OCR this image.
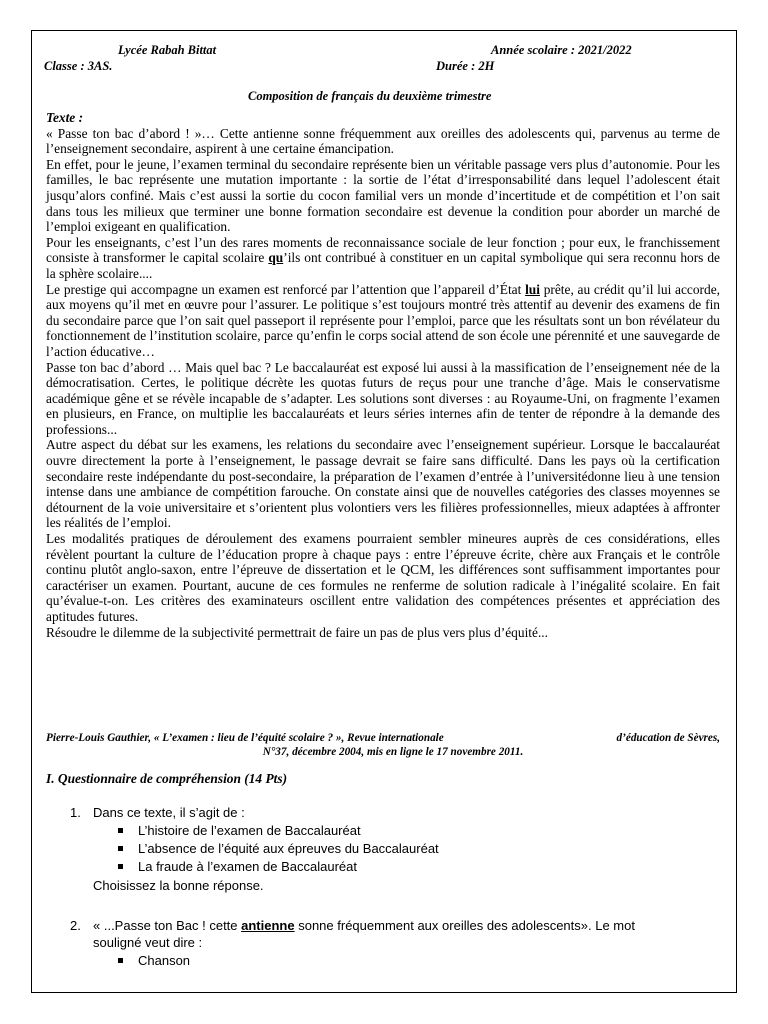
Lycée Rabah Bittat	Année scolaire : 2021/2022
Classe : 3AS.	Durée : 2H
Composition de français du deuxième trimestre

Texte :

« Passe ton bac d’abord ! »… Cette antienne sonne fréquemment aux oreilles des adolescents qui, parvenus au terme de l’enseignement secondaire, aspirent à une certaine émancipation.

En effet, pour le jeune, l’examen terminal du secondaire représente bien un véritable passage vers plus d’autonomie. Pour les familles, le bac représente une mutation importante : la sortie de l’état d’irresponsabilité dans lequel l’adolescent était jusqu’alors confiné. Mais c’est aussi la sortie du cocon familial vers un monde d’incertitude et de compétition et l’on sait dans tous les milieux que terminer une bonne formation secondaire est devenue la condition pour aborder un marché de l’emploi exigeant en qualification.

Pour les enseignants, c’est l’un des rares moments de reconnaissance sociale de leur fonction ; pour eux, le franchissement consiste à transformer le capital scolaire qu’ils ont contribué à constituer en un capital symbolique qui sera reconnu hors de la sphère scolaire....

Le prestige qui accompagne un examen est renforcé par l’attention que l’appareil d’État lui prête, au crédit qu’il lui accorde, aux moyens qu’il met en œuvre pour l’assurer. Le politique s’est toujours montré très attentif au devenir des examens de fin du secondaire parce que l’on sait quel passeport il représente pour l’emploi, parce que les résultats sont un bon révélateur du fonctionnement de l’institution scolaire, parce qu’enfin le corps social attend de son école une pérennité et une sauvegarde de l’action éducative…

Passe ton bac d’abord … Mais quel bac ? Le baccalauréat est exposé lui aussi à la massification de l’enseignement née de la démocratisation. Certes, le politique décrète les quotas futurs de reçus pour une tranche d’âge. Mais le conservatisme académique gêne et se révèle incapable de s’adapter. Les solutions sont diverses : au Royaume-Uni, on fragmente l’examen en plusieurs, en France, on multiplie les baccalauréats et leurs séries internes afin de tenter de répondre à la demande des professions...

Autre aspect du débat sur les examens, les relations du secondaire avec l’enseignement supérieur. Lorsque le baccalauréat ouvre directement la porte à l’enseignement, le passage devrait se faire sans difficulté. Dans les pays où la certification secondaire reste indépendante du post-secondaire, la préparation de l’examen d’entrée à l’universitédonne lieu à une tension intense dans une ambiance de compétition farouche. On constate ainsi que de nouvelles catégories des classes moyennes se détournent de la voie universitaire et s’orientent plus volontiers vers les filières professionnelles, mieux adaptées à affronter les réalités de l’emploi.

Les modalités pratiques de déroulement des examens pourraient sembler mineures auprès de ces considérations, elles révèlent pourtant la culture de l’éducation propre à chaque pays : entre l’épreuve écrite, chère aux Français et le contrôle continu plutôt anglo-saxon, entre l’épreuve de dissertation et le QCM, les différences sont suffisamment importantes pour caractériser un examen. Pourtant, aucune de ces formules ne renferme de solution radicale à l’inégalité scolaire. En fait qu’évalue-t-on. Les critères des examinateurs oscillent entre validation des compétences présentes et appréciation des aptitudes futures.

Résoudre le dilemme de la subjectivité permettrait de faire un pas de plus vers plus d’équité...

Pierre-Louis Gauthier, « L’examen : lieu de l’équité scolaire ? », Revue internationale	d’éducation de Sèvres,
N°37, décembre 2004, mis en ligne le 17 novembre 2011.
I. Questionnaire de compréhension (14 Pts)
1. Dans ce texte, il s’agit de :
L’histoire de l’examen de Baccalauréat
L’absence de l’équité aux épreuves du Baccalauréat
La fraude à l’examen de Baccalauréat
Choisissez la bonne réponse.
2. « ...Passe ton Bac ! cette antienne sonne fréquemment aux oreilles des adolescents». Le mot
souligné veut dire :
Chanson
